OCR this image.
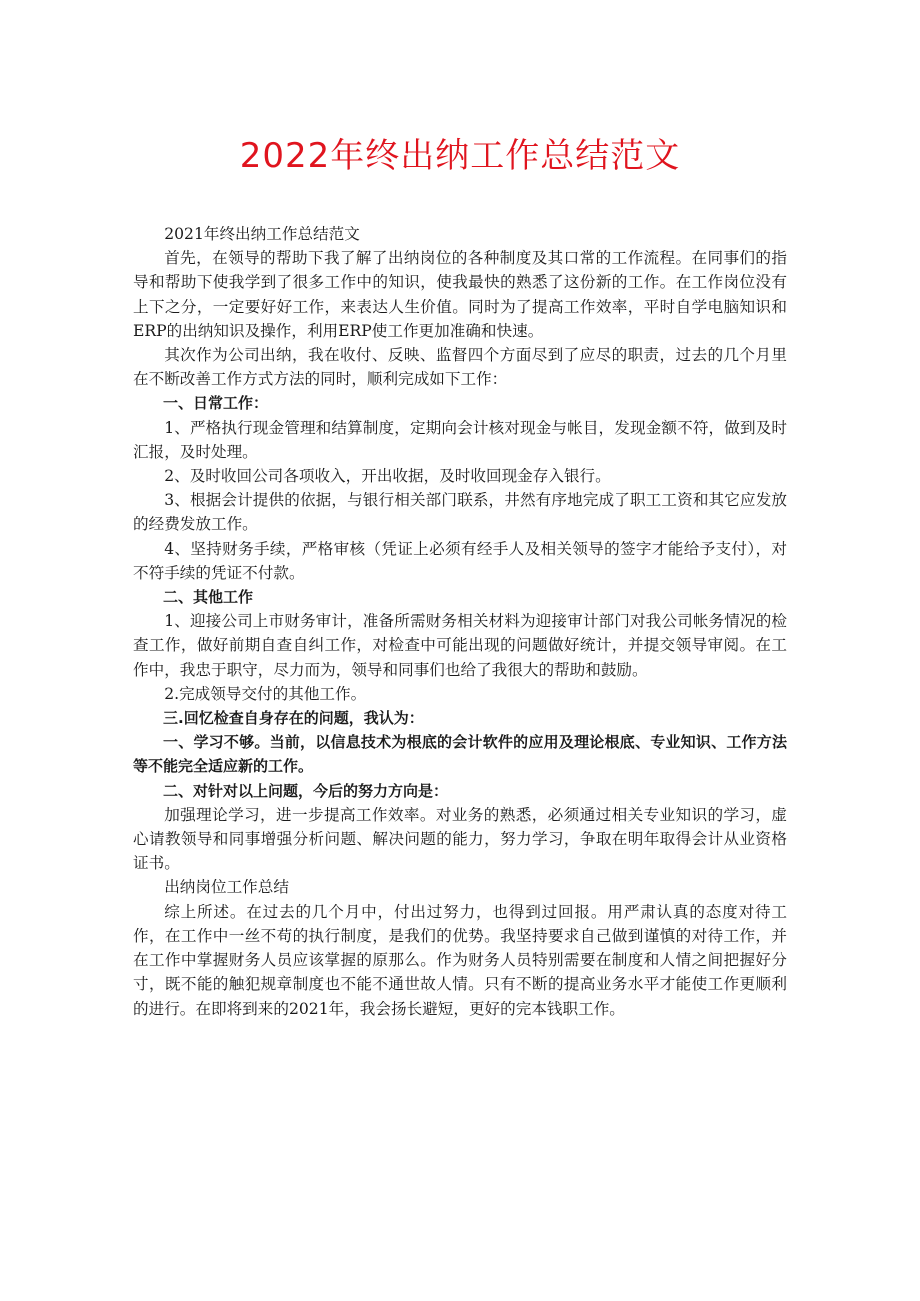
2022年终出纳工作总结范文

2021年终出纳工作总结范文

首先，在领导的帮助下我了解了出纳岗位的各种制度及其口常的工作流程。在同事们的指导和帮助下使我学到了很多工作中的知识，使我最快的熟悉了这份新的工作。在工作岗位没有上下之分，一定要好好工作，来表达人生价值。同时为了提高工作效率，平时自学电脑知识和ERP的出纳知识及操作，利用ERP使工作更加准确和快速。

其次作为公司出纳，我在收付、反映、监督四个方面尽到了应尽的职责，过去的几个月里在不断改善工作方式方法的同时，顺利完成如下工作：

一、日常工作：

1、严格执行现金管理和结算制度，定期向会计核对现金与帐目，发现金额不符，做到及时汇报，及时处理。

2、及时收回公司各项收入，开出收据，及时收回现金存入银行。

3、根据会计提供的依据，与银行相关部门联系，井然有序地完成了职工工资和其它应发放的经费发放工作。

4、坚持财务手续，严格审核（凭证上必须有经手人及相关领导的签字才能给予支付），对不符手续的凭证不付款。

二、其他工作

1、迎接公司上市财务审计，准备所需财务相关材料为迎接审计部门对我公司帐务情况的检查工作，做好前期自查自纠工作，对检查中可能出现的问题做好统计，并提交领导审阅。在工作中，我忠于职守，尽力而为，领导和同事们也给了我很大的帮助和鼓励。

2.完成领导交付的其他工作。

三.回忆检查自身存在的问题，我认为：

一、学习不够。当前，以信息技术为根底的会计软件的应用及理论根底、专业知识、工作方法等不能完全适应新的工作。

二、对针对以上问题，今后的努力方向是：

加强理论学习，进一步提高工作效率。对业务的熟悉，必须通过相关专业知识的学习，虚心请教领导和同事增强分析问题、解决问题的能力，努力学习，争取在明年取得会计从业资格证书。

出纳岗位工作总结

综上所述。在过去的几个月中，付出过努力，也得到过回报。用严肃认真的态度对待工作，在工作中一丝不苟的执行制度，是我们的优势。我坚持要求自己做到谨慎的对待工作，并在工作中掌握财务人员应该掌握的原那么。作为财务人员特别需要在制度和人情之间把握好分寸，既不能的触犯规章制度也不能不通世故人情。只有不断的提高业务水平才能使工作更顺利的进行。在即将到来的2021年，我会扬长避短，更好的完本钱职工作。
